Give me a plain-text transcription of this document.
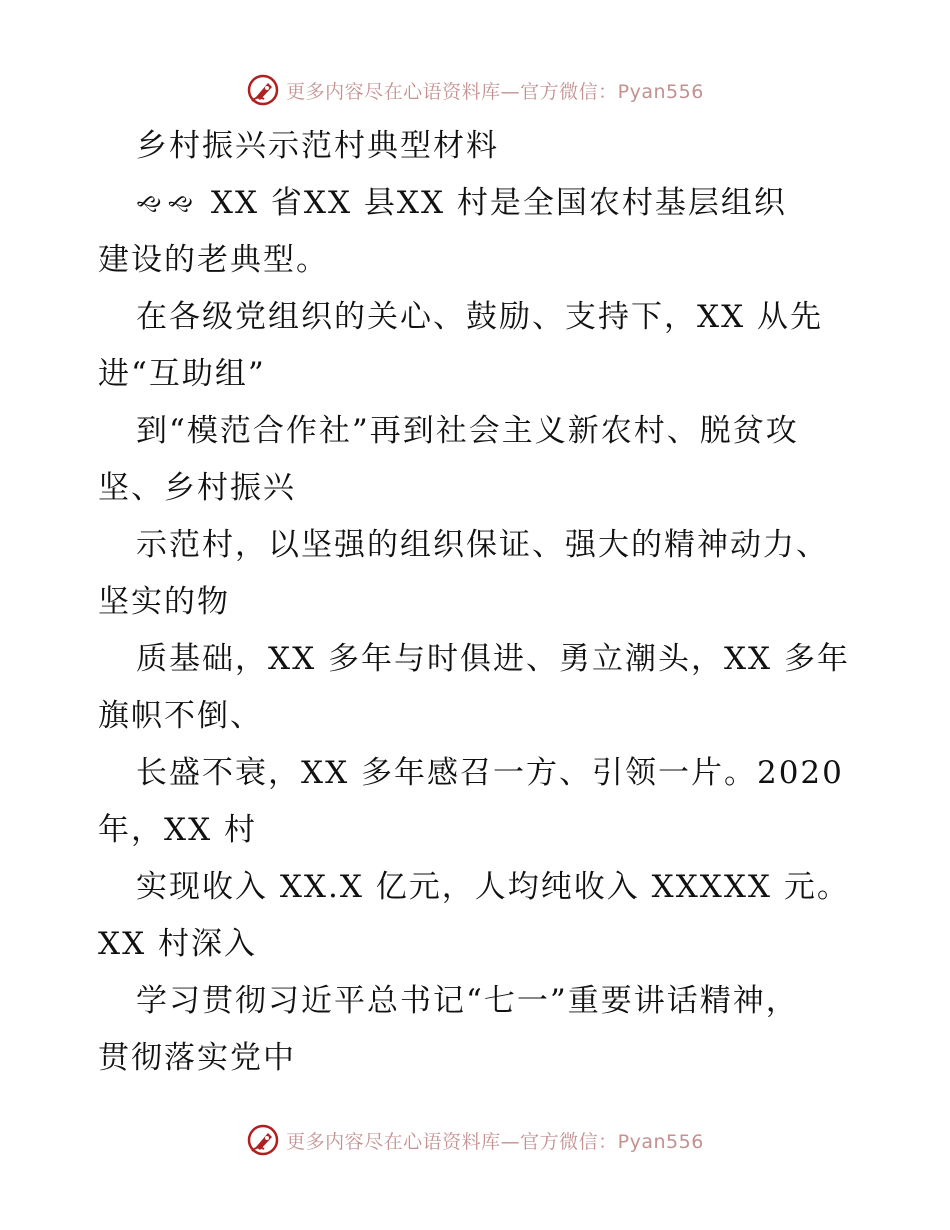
更多内容尽在心语资料库—官方微信：Pyan556
乡村振兴示范村典型材料
🙙 🙙 XX 省XX 县XX 村是全国农村基层组织
建设的老典型。
在各级党组织的关心、鼓励、支持下，XX 从先
进“互助组”
到“模范合作社”再到社会主义新农村、脱贫攻
坚、乡村振兴
示范村，以坚强的组织保证、强大的精神动力、
坚实的物
质基础，XX 多年与时俱进、勇立潮头，XX 多年
旗帜不倒、
长盛不衰，XX 多年感召一方、引领一片。2020
年，XX 村
实现收入 XX.X 亿元，人均纯收入 XXXXX 元。
XX 村深入
学习贯彻习近平总书记“七一”重要讲话精神，
贯彻落实党中
更多内容尽在心语资料库—官方微信：Pyan556
